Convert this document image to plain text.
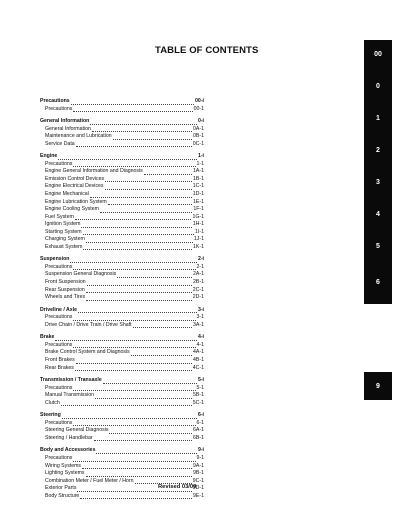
TABLE OF CONTENTS
Precautions	00-i
Precautions	00-1
General Information	0-i
General Information	0A-1
Maintenance and Lubrication	0B-1
Service Data	0C-1
Engine	1-i
Precautions	1-1
Engine General Information and Diagnosis	1A-1
Emission Control Devices	1B-1
Engine Electrical Devices	1C-1
Engine Mechanical	1D-1
Engine Lubrication System	1E-1
Engine Cooling System	1F-1
Fuel System	1G-1
Ignition System	1H-1
Starting System	1I-1
Charging System	1J-1
Exhaust System	1K-1
Suspension	2-i
Precautions	2-1
Suspension General Diagnosis	2A-1
Front Suspension	2B-1
Rear Suspension	2C-1
Wheels and Tires	2D-1
Driveline / Axle	3-i
Precautions	3-1
Drive Chain / Drive Train / Drive Shaft	3A-1
Brake	4-i
Precautions	4-1
Brake Control System and Diagnosis	4A-1
Front Brakes	4B-1
Rear Brakes	4C-1
Transmission / Transaxle	5-i
Precautions	5-1
Manual Transmission	5B-1
Clutch	5C-1
Steering	6-i
Precautions	6-1
Steering General Diagnosis	6A-1
Steering / Handlebar	6B-1
Body and Accessories	9-i
Precautions	9-1
Wiring Systems	9A-1
Lighting Systems	9B-1
Combination Meter / Fuel Meter / Horn	9C-1
Exterior Parts	9D-1
Body Structure	9E-1
00
0
1
2
3
4
5
6
9
Revised 03/09
